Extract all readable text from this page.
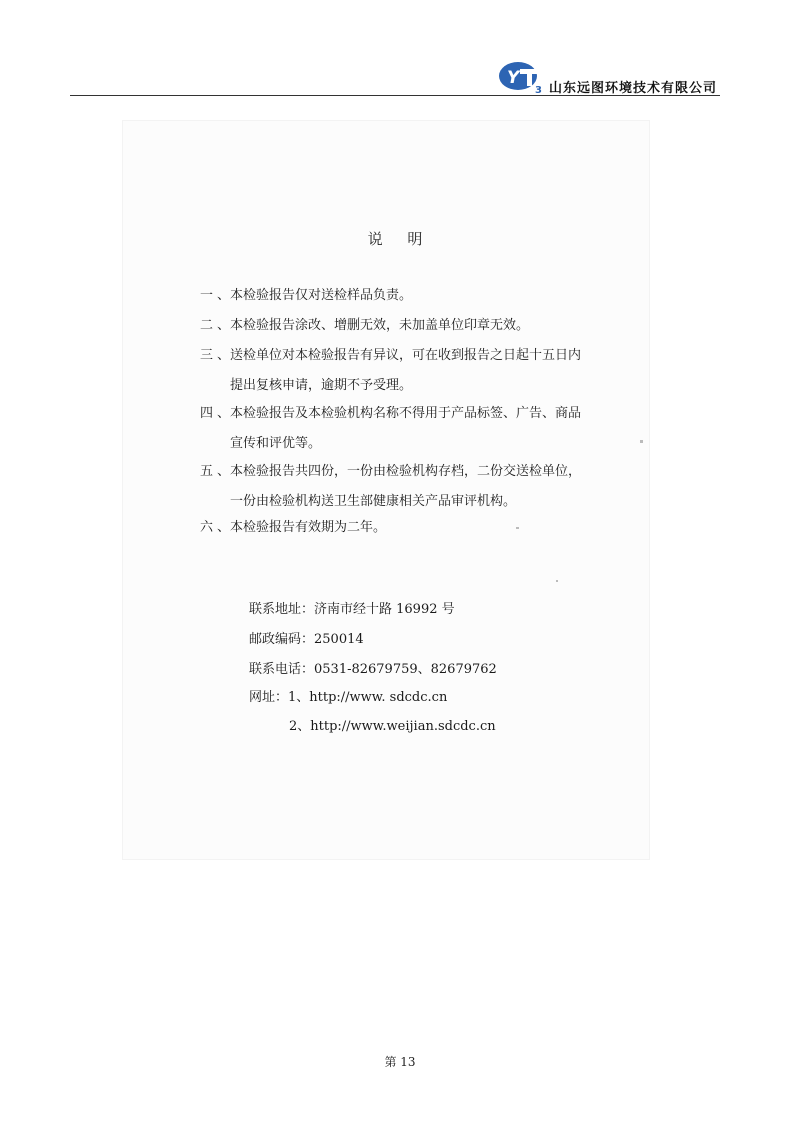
Y
3 山东远图环境技术有限公司
说 明
一、
本检验报告仅对送检样品负责。
二、
本检验报告涂改、增删无效，未加盖单位印章无效。
三、
送检单位对本检验报告有异议，可在收到报告之日起十五日内
提出复核申请，逾期不予受理。
四、
本检验报告及本检验机构名称不得用于产品标签、广告、商品
宣传和评优等。
五、
本检验报告共四份，一份由检验机构存档，二份交送检单位，
一份由检验机构送卫生部健康相关产品审评机构。
六、
本检验报告有效期为二年。
联系地址：济南市经十路 16992 号
邮政编码：250014
联系电话：0531-82679759、82679762
网址：1、http://www. sdcdc.cn
2、http://www.weijian.sdcdc.cn
第 13
